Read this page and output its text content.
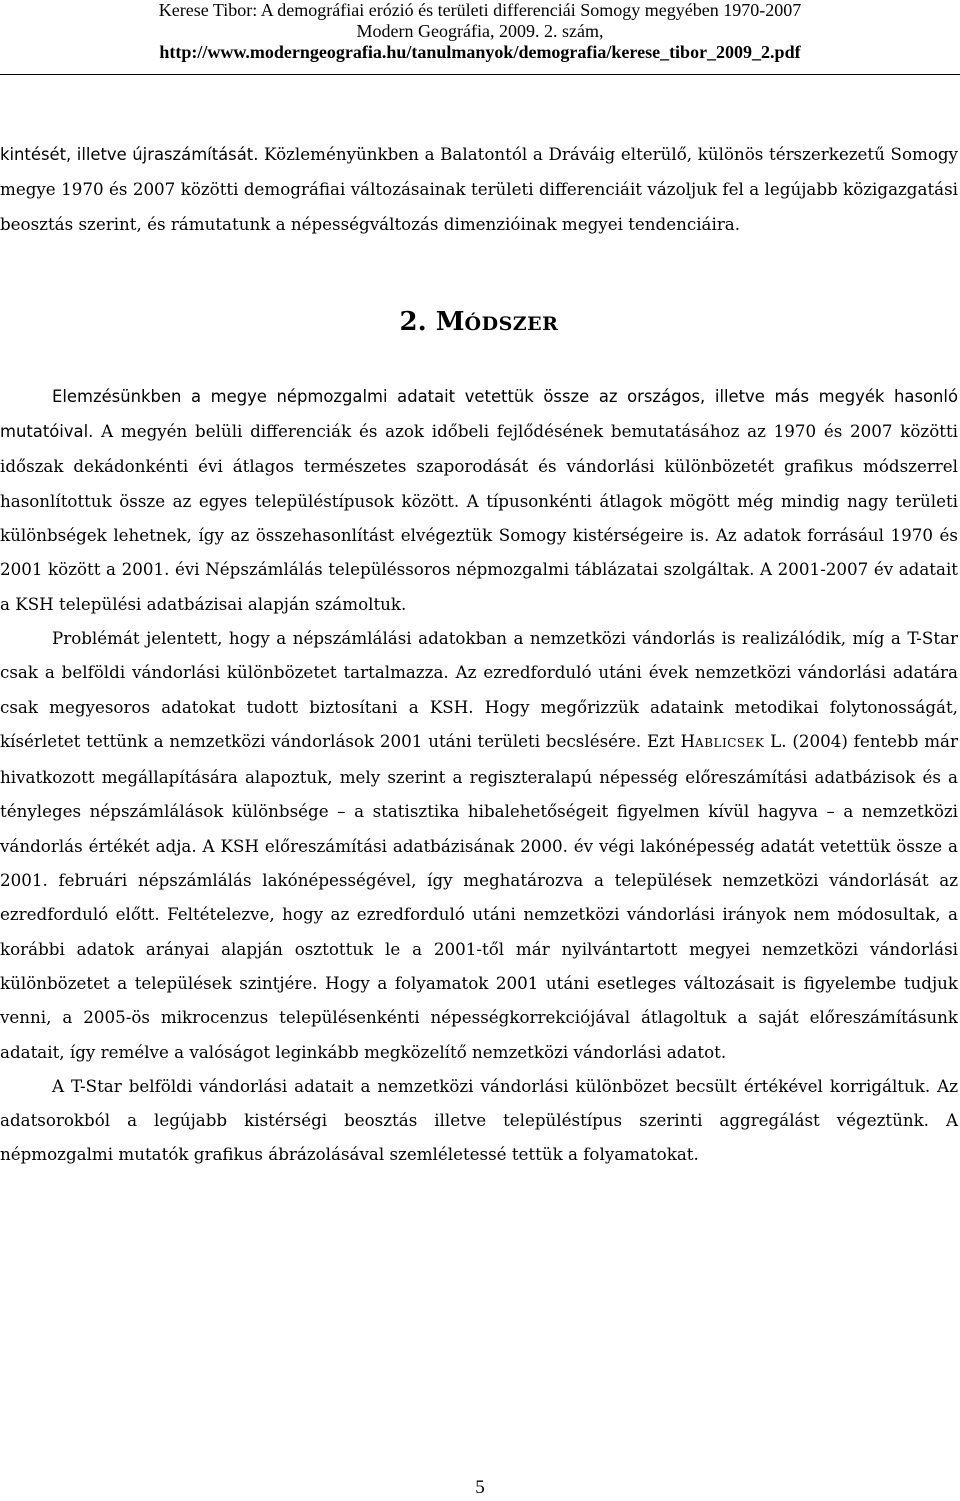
Kerese Tibor: A demográfiai erózió és területi differenciái Somogy megyében 1970-2007
Modern Geográfia, 2009. 2. szám,
http://www.moderngeografia.hu/tanulmanyok/demografia/kerese_tibor_2009_2.pdf

kintését, illetve újraszámítását. Közleményünkben a Balatontól a Dráváig elterülő, különös térszerkezetű Somogy megye 1970 és 2007 közötti demográfiai változásainak területi differenciáit vázoljuk fel a legújabb közigazgatási beosztás szerint, és rámutatunk a népességváltozás dimenzióinak megyei tendenciáira.

2. MÓDSZER

Elemzésünkben a megye népmozgalmi adatait vetettük össze az országos, illetve más megyék hasonló mutatóival. A megyén belüli differenciák és azok időbeli fejlődésének bemutatásához az 1970 és 2007 közötti időszak dekádonkénti évi átlagos természetes szaporodását és vándorlási különbözetét grafikus módszerrel hasonlítottuk össze az egyes településtípusok között. A típusonkénti átlagok mögött még mindig nagy területi különbségek lehetnek, így az összehasonlítást elvégeztük Somogy kistérségeire is. Az adatok forrásául 1970 és 2001 között a 2001. évi Népszámlálás településsoros népmozgalmi táblázatai szolgáltak. A 2001-2007 év adatait a KSH települési adatbázisai alapján számoltuk.

Problémát jelentett, hogy a népszámlálási adatokban a nemzetközi vándorlás is realizálódik, míg a T-Star csak a belföldi vándorlási különbözetet tartalmazza. Az ezredforduló utáni évek nemzetközi vándorlási adatára csak megyesoros adatokat tudott biztosítani a KSH. Hogy megőrizzük adataink metodikai folytonosságát, kísérletet tettünk a nemzetközi vándorlások 2001 utáni területi becslésére. Ezt HABLICSEK L. (2004) fentebb már hivatkozott megállapítására alapoztuk, mely szerint a regiszteralapú népesség előreszámítási adatbázisok és a tényleges népszámlálások különbsége – a statisztika hibalehetőségeit figyelmen kívül hagyva – a nemzetközi vándorlás értékét adja. A KSH előreszámítási adatbázisának 2000. év végi lakónépesség adatát vetettük össze a 2001. februári népszámlálás lakónépességével, így meghatározva a települések nemzetközi vándorlását az ezredforduló előtt. Feltételezve, hogy az ezredforduló utáni nemzetközi vándorlási irányok nem módosultak, a korábbi adatok arányai alapján osztottuk le a 2001-től már nyilvántartott megyei nemzetközi vándorlási különbözetet a települések szintjére. Hogy a folyamatok 2001 utáni esetleges változásait is figyelembe tudjuk venni, a 2005-ös mikrocenzus településenkénti népességkorrekciójával átlagoltuk a saját előreszámításunk adatait, így remélve a valóságot leginkább megközelítő nemzetközi vándorlási adatot.

A T-Star belföldi vándorlási adatait a nemzetközi vándorlási különbözet becsült értékével korrigáltuk. Az adatsorokból a legújabb kistérségi beosztás illetve településtípus szerinti aggregálást végeztünk. A népmozgalmi mutatók grafikus ábrázolásával szemléletessé tettük a folyamatokat.

5
